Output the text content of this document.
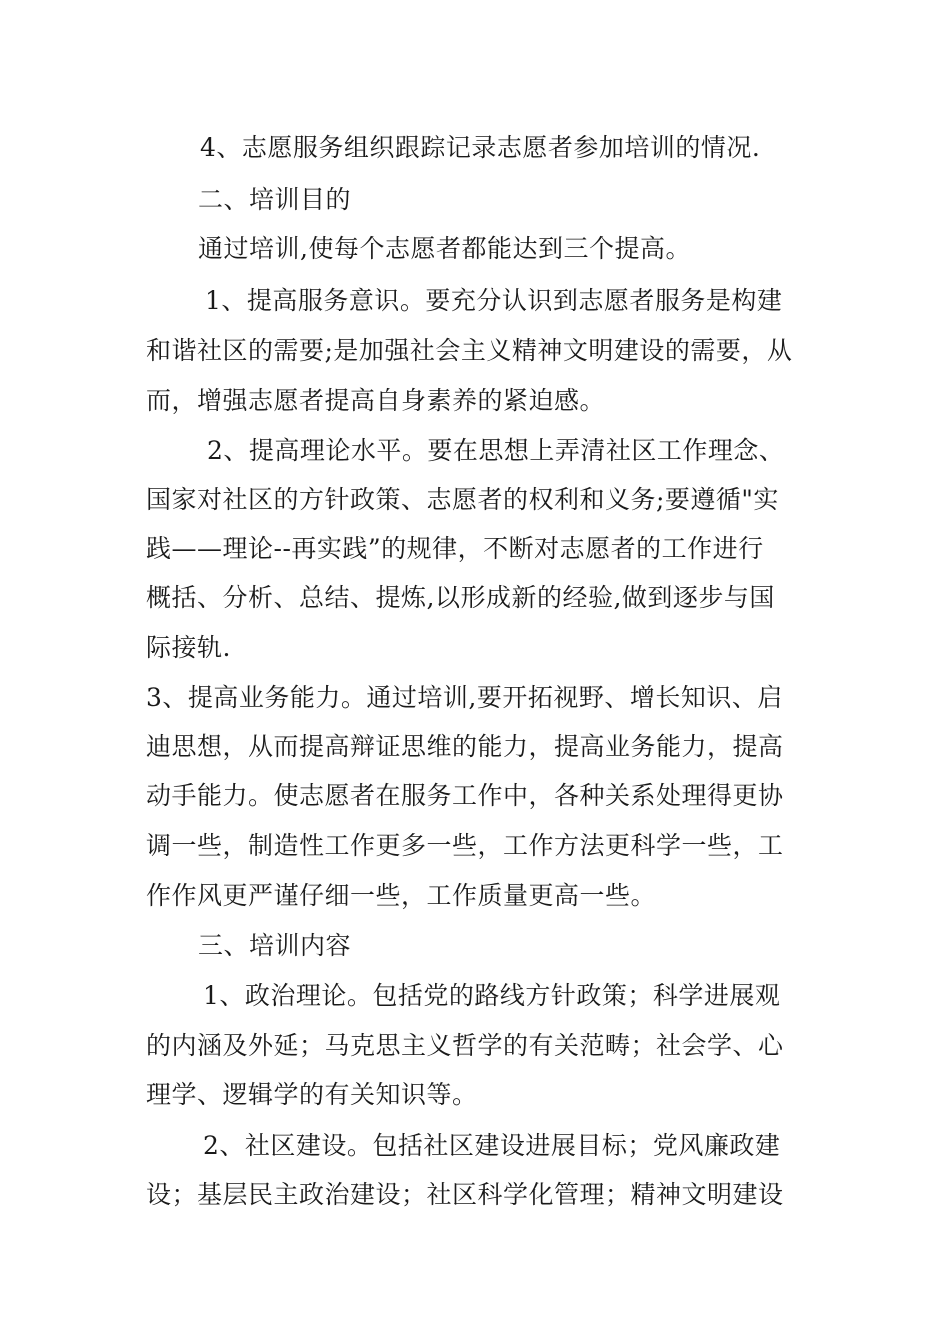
4、志愿服务组织跟踪记录志愿者参加培训的情况.
二、培训目的
通过培训,使每个志愿者都能达到三个提高。
1、提高服务意识。要充分认识到志愿者服务是构建
和谐社区的需要;是加强社会主义精神文明建设的需要，从
而，增强志愿者提高自身素养的紧迫感。
2、提高理论水平。要在思想上弄清社区工作理念、
国家对社区的方针政策、志愿者的权利和义务;要遵循"实
践——理论--再实践”的规律，不断对志愿者的工作进行
概括、分析、总结、提炼,以形成新的经验,做到逐步与国
际接轨.
3、提高业务能力。通过培训,要开拓视野、增长知识、启
迪思想，从而提高辩证思维的能力，提高业务能力，提高
动手能力。使志愿者在服务工作中，各种关系处理得更协
调一些，制造性工作更多一些，工作方法更科学一些，工
作作风更严谨仔细一些，工作质量更高一些。
三、培训内容
1、政治理论。包括党的路线方针政策；科学进展观
的内涵及外延；马克思主义哲学的有关范畴；社会学、心
理学、逻辑学的有关知识等。
2、社区建设。包括社区建设进展目标；党风廉政建
设；基层民主政治建设；社区科学化管理；精神文明建设
